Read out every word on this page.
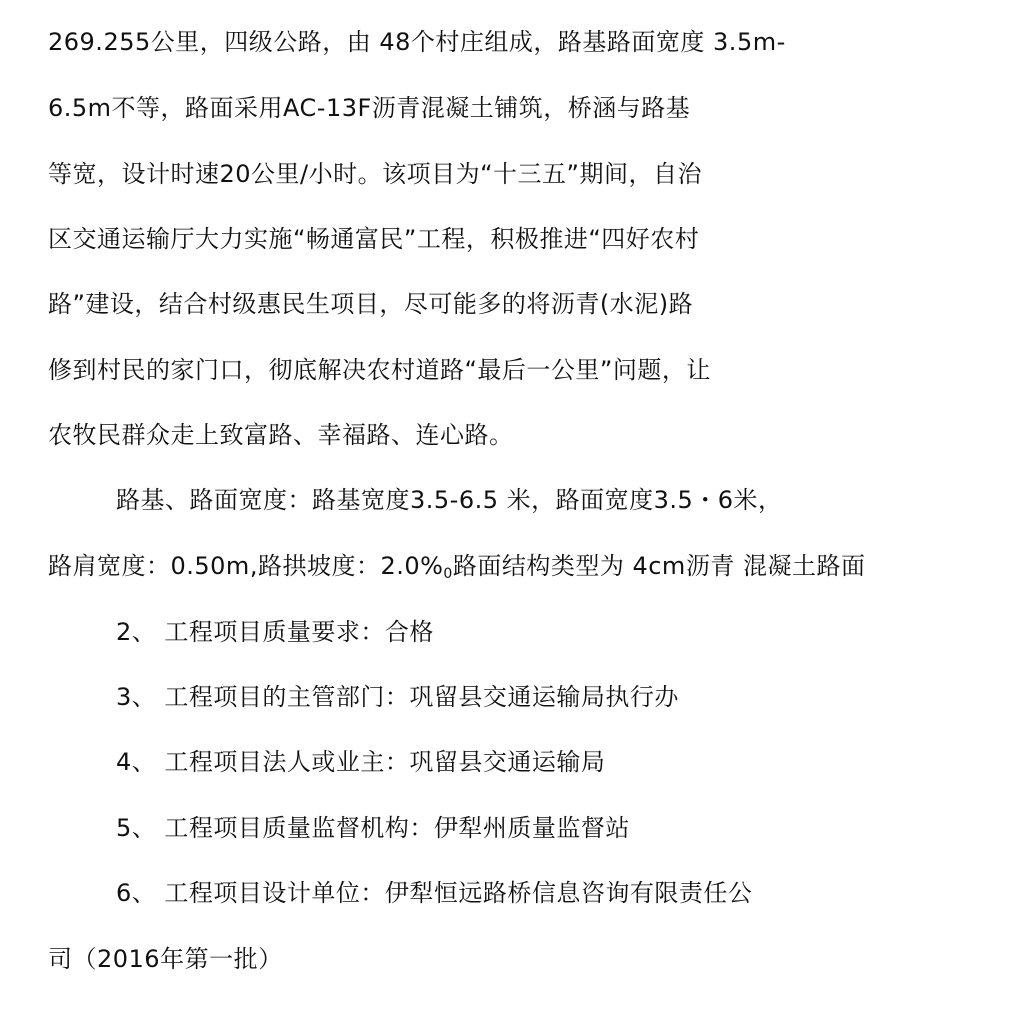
269.255公里，四级公路，由 48个村庄组成，路基路面宽度 3.5m-
6.5m不等，路面采用AC-13F沥青混凝土铺筑，桥涵与路基
等宽，设计时速20公里/小时。该项目为“十三五”期间，自治
区交通运输厅大力实施“畅通富民”工程，积极推进“四好农村
路”建设，结合村级惠民生项目，尽可能多的将沥青(水泥)路
修到村民的家门口，彻底解决农村道路“最后一公里”问题，让
农牧民群众走上致富路、幸福路、连心路。
路基、路面宽度：路基宽度3.5-6.5 米，路面宽度3.5・6米，
路肩宽度：0.50m,路拱坡度：$2.0\%_0$路面结构类型为 4cm沥青 混凝土路面
2、 工程项目质量要求：合格
3、 工程项目的主管部门：巩留县交通运输局执行办
4、 工程项目法人或业主：巩留县交通运输局
5、 工程项目质量监督机构：伊犁州质量监督站
6、 工程项目设计单位：伊犁恒远路桥信息咨询有限责任公
司（2016年第一批）
